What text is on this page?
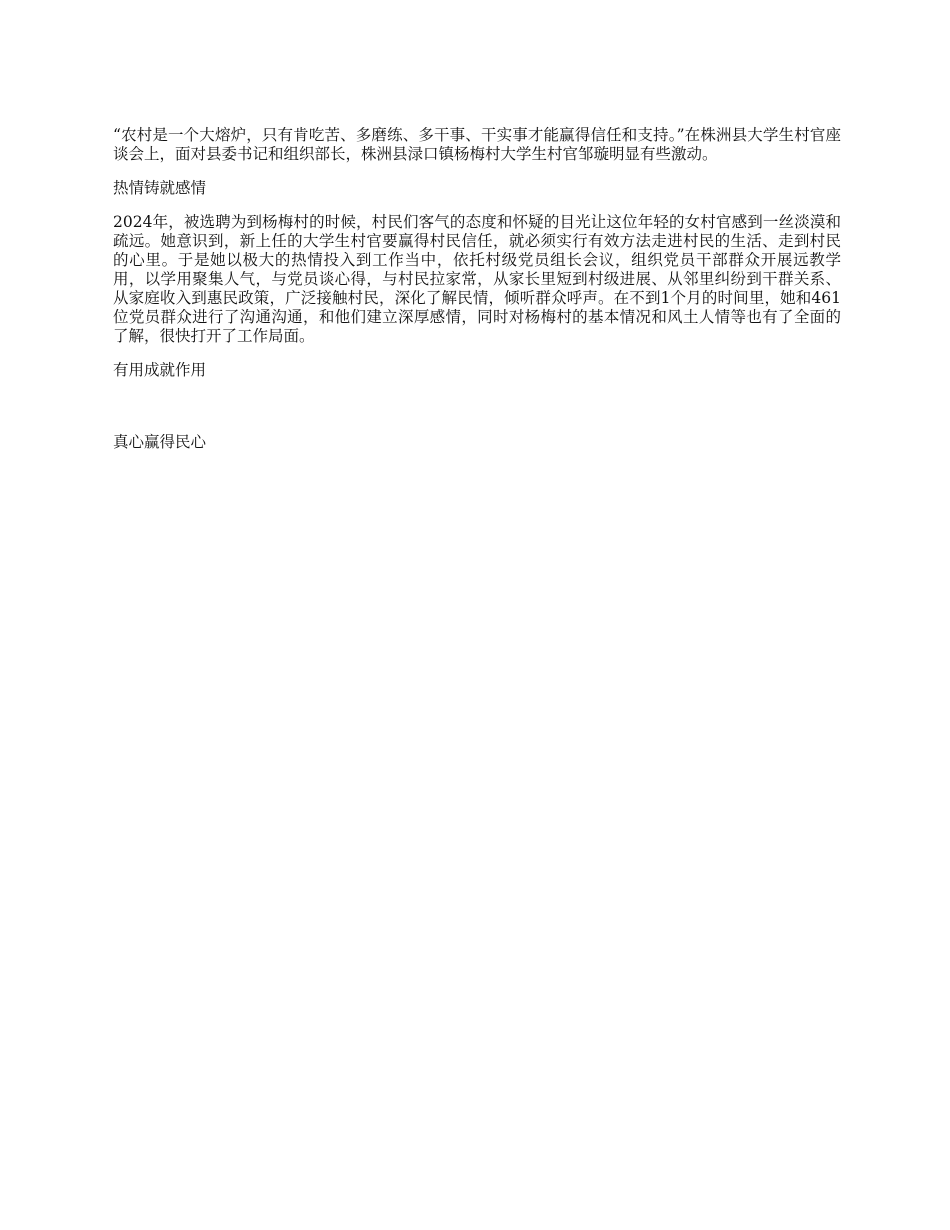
“农村是一个大熔炉，只有肯吃苦、多磨练、多干事、干实事才能赢得信任和支持。”在株洲县大学生村官座谈会上，面对县委书记和组织部长，株洲县渌口镇杨梅村大学生村官邹璇明显有些激动。

热情铸就感情

2024年，被选聘为到杨梅村的时候，村民们客气的态度和怀疑的目光让这位年轻的女村官感到一丝淡漠和疏远。她意识到，新上任的大学生村官要赢得村民信任，就必须实行有效方法走进村民的生活、走到村民的心里。于是她以极大的热情投入到工作当中，依托村级党员组长会议，组织党员干部群众开展远教学用，以学用聚集人气，与党员谈心得，与村民拉家常，从家长里短到村级进展、从邻里纠纷到干群关系、从家庭收入到惠民政策，广泛接触村民，深化了解民情，倾听群众呼声。在不到1个月的时间里，她和461位党员群众进行了沟通沟通，和他们建立深厚感情，同时对杨梅村的基本情况和风土人情等也有了全面的了解，很快打开了工作局面。

有用成就作用

真心赢得民心
